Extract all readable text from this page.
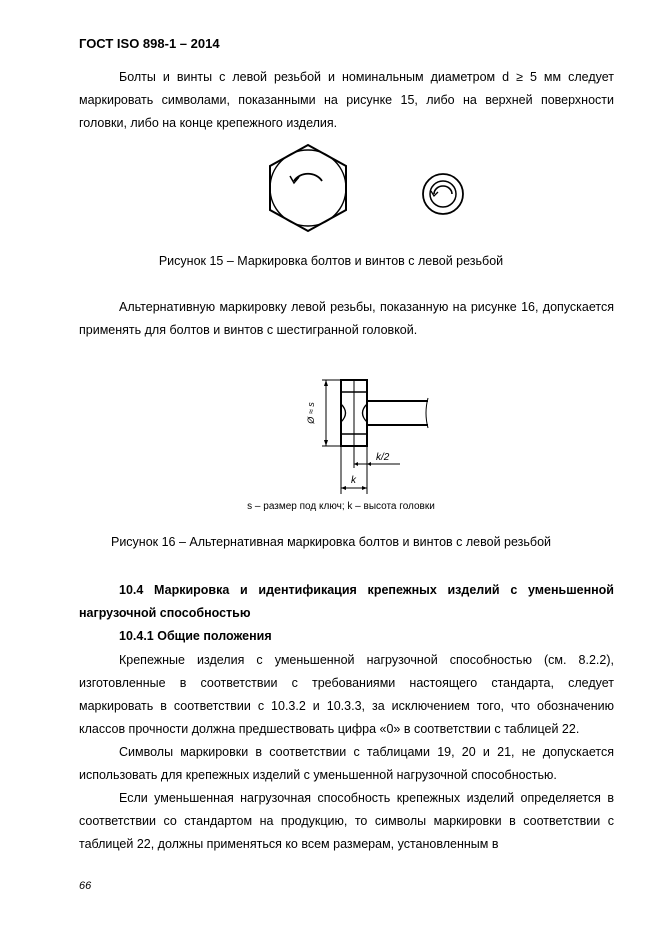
ГОСТ ISO 898-1 – 2014

Болты и винты с левой резьбой и номинальным диаметром d ≥ 5 мм следует маркировать символами, показанными на рисунке 15, либо на верхней поверхности головки, либо на конце крепежного изделия.

Рисунок 15 – Маркировка болтов и винтов с левой резьбой

Альтернативную маркировку левой резьбы, показанную на рисунке 16, допускается применять для болтов и винтов с шестигранной головкой.

Ø ≈ s
k/2
k
s – размер под ключ; k – высота головки
Рисунок 16 – Альтернативная маркировка болтов и винтов с левой резьбой

10.4 Маркировка и идентификация крепежных изделий с уменьшенной нагрузочной способностью

10.4.1 Общие положения

Крепежные изделия с уменьшенной нагрузочной способностью (см. 8.2.2), изготовленные в соответствии с требованиями настоящего стандарта, следует маркировать в соответствии с 10.3.2 и 10.3.3, за исключением того, что обозначению классов прочности должна предшествовать цифра «0» в соответствии с таблицей 22.

Символы маркировки в соответствии с таблицами 19, 20 и 21, не допускается использовать для крепежных изделий с уменьшенной нагрузочной способностью.

Если уменьшенная нагрузочная способность крепежных изделий определяется в соответствии со стандартом на продукцию, то символы маркировки в соответствии с таблицей 22, должны применяться ко всем размерам, установленным в

66
